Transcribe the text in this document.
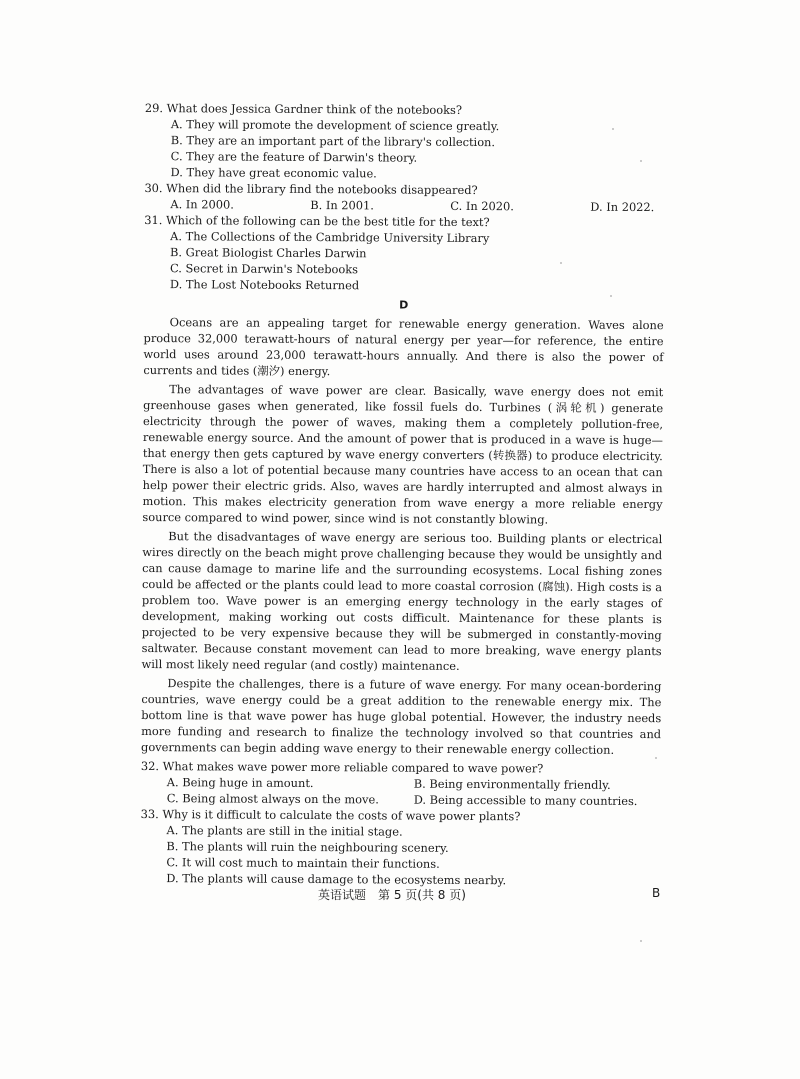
29. What does Jessica Gardner think of the notebooks?
A. They will promote the development of science greatly.
B. They are an important part of the library's collection.
C. They are the feature of Darwin's theory.
D. They have great economic value.
30. When did the library find the notebooks disappeared?
A. In 2000.	B. In 2001.	C. In 2020.	D. In 2022.
31. Which of the following can be the best title for the text?
A. The Collections of the Cambridge University Library
B. Great Biologist Charles Darwin
C. Secret in Darwin's Notebooks
D. The Lost Notebooks Returned
D

Oceans are an appealing target for renewable energy generation. Waves alone produce 32,000 terawatt-hours of natural energy per year—for reference, the entire world uses around 23,000 terawatt-hours annually. And there is also the power of currents and tides (潮汐) energy.

The advantages of wave power are clear. Basically, wave energy does not emit greenhouse gases when generated, like fossil fuels do. Turbines (涡轮机) generate electricity through the power of waves, making them a completely pollution-free, renewable energy source. And the amount of power that is produced in a wave is huge—that energy then gets captured by wave energy converters (转换器) to produce electricity. There is also a lot of potential because many countries have access to an ocean that can help power their electric grids. Also, waves are hardly interrupted and almost always in motion. This makes electricity generation from wave energy a more reliable energy source compared to wind power, since wind is not constantly blowing.

But the disadvantages of wave energy are serious too. Building plants or electrical wires directly on the beach might prove challenging because they would be unsightly and can cause damage to marine life and the surrounding ecosystems. Local fishing zones could be affected or the plants could lead to more coastal corrosion (腐蚀). High costs is a problem too. Wave power is an emerging energy technology in the early stages of development, making working out costs difficult. Maintenance for these plants is projected to be very expensive because they will be submerged in constantly-moving saltwater. Because constant movement can lead to more breaking, wave energy plants will most likely need regular (and costly) maintenance.

Despite the challenges, there is a future of wave energy. For many ocean-bordering countries, wave energy could be a great addition to the renewable energy mix. The bottom line is that wave power has huge global potential. However, the industry needs more funding and research to finalize the technology involved so that countries and governments can begin adding wave energy to their renewable energy collection.

32. What makes wave power more reliable compared to wave power?
A. Being huge in amount.	B. Being environmentally friendly.
C. Being almost always on the move.	D. Being accessible to many countries.
33. Why is it difficult to calculate the costs of wave power plants?
A. The plants are still in the initial stage.
B. The plants will ruin the neighbouring scenery.
C. It will cost much to maintain their functions.
D. The plants will cause damage to the ecosystems nearby.
英语试题　第 5 页(共 8 页)	B
